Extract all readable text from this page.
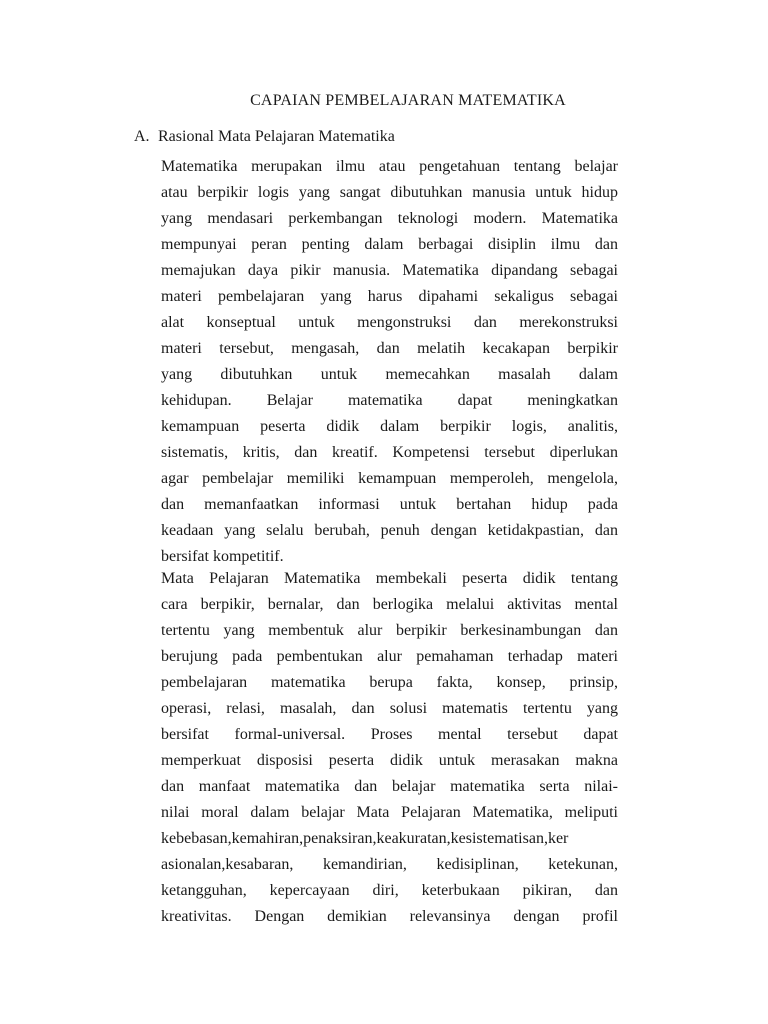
CAPAIAN PEMBELAJARAN MATEMATIKA
A. Rasional Mata Pelajaran Matematika
Matematika merupakan ilmu atau pengetahuan tentang belajar
atau berpikir logis yang sangat dibutuhkan manusia untuk hidup
yang mendasari perkembangan teknologi modern. Matematika
mempunyai peran penting dalam berbagai disiplin ilmu dan
memajukan daya pikir manusia. Matematika dipandang sebagai
materi pembelajaran yang harus dipahami sekaligus sebagai
alat konseptual untuk mengonstruksi dan merekonstruksi
materi tersebut, mengasah, dan melatih kecakapan berpikir
yang dibutuhkan untuk memecahkan masalah dalam
kehidupan. Belajar matematika dapat meningkatkan
kemampuan peserta didik dalam berpikir logis, analitis,
sistematis, kritis, dan kreatif. Kompetensi tersebut diperlukan
agar pembelajar memiliki kemampuan memperoleh, mengelola,
dan memanfaatkan informasi untuk bertahan hidup pada
keadaan yang selalu berubah, penuh dengan ketidakpastian, dan
bersifat kompetitif.
Mata Pelajaran Matematika membekali peserta didik tentang
cara berpikir, bernalar, dan berlogika melalui aktivitas mental
tertentu yang membentuk alur berpikir berkesinambungan dan
berujung pada pembentukan alur pemahaman terhadap materi
pembelajaran matematika berupa fakta, konsep, prinsip,
operasi, relasi, masalah, dan solusi matematis tertentu yang
bersifat formal-universal. Proses mental tersebut dapat
memperkuat disposisi peserta didik untuk merasakan makna
dan manfaat matematika dan belajar matematika serta nilai-
nilai moral dalam belajar Mata Pelajaran Matematika, meliputi
kebebasan,kemahiran,penaksiran,keakuratan,kesistematisan,ker
asionalan,kesabaran, kemandirian, kedisiplinan, ketekunan,
ketangguhan, kepercayaan diri, keterbukaan pikiran, dan
kreativitas. Dengan demikian relevansinya dengan profil
